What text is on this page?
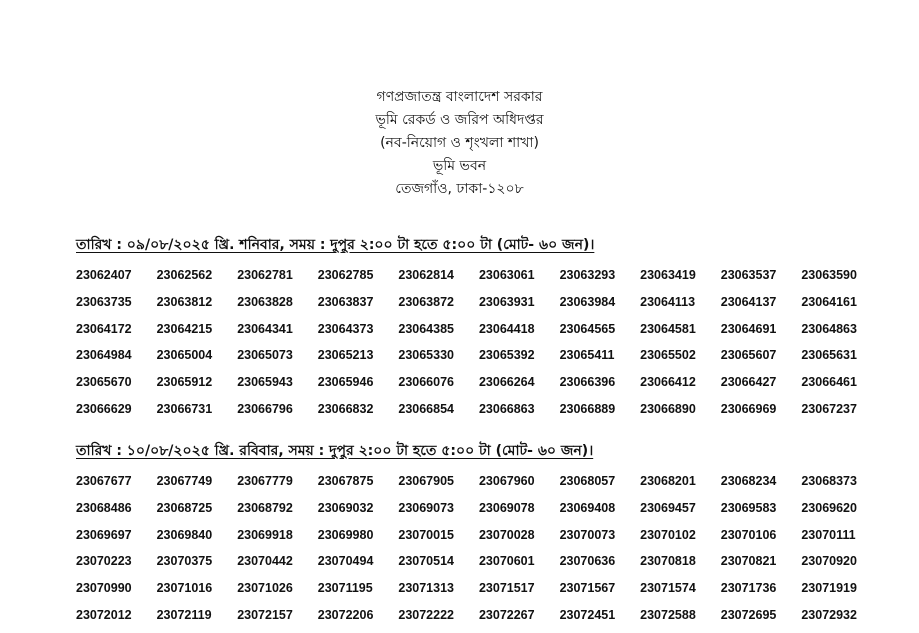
গণপ্রজাতন্ত্র বাংলাদেশ সরকার
ভূমি রেকর্ড ও জরিপ অধিদপ্তর
(নব-নিয়োগ ও শৃংখলা শাখা)
ভূমি ভবন
তেজগাঁও, ঢাকা-১২০৮
তারিখ : ০৯/০৮/২০২৫ খ্রি. শনিবার, সময় : দুপুর ২:০০ টা হতে ৫:০০ টা (মোট- ৬০ জন)।
23062407	23062562	23062781	23062785	23062814	23063061	23063293	23063419	23063537	23063590
23063735	23063812	23063828	23063837	23063872	23063931	23063984	23064113	23064137	23064161
23064172	23064215	23064341	23064373	23064385	23064418	23064565	23064581	23064691	23064863
23064984	23065004	23065073	23065213	23065330	23065392	23065411	23065502	23065607	23065631
23065670	23065912	23065943	23065946	23066076	23066264	23066396	23066412	23066427	23066461
23066629	23066731	23066796	23066832	23066854	23066863	23066889	23066890	23066969	23067237
তারিখ : ১০/০৮/২০২৫ খ্রি. রবিবার, সময় : দুপুর ২:০০ টা হতে ৫:০০ টা (মোট- ৬০ জন)।
23067677	23067749	23067779	23067875	23067905	23067960	23068057	23068201	23068234	23068373
23068486	23068725	23068792	23069032	23069073	23069078	23069408	23069457	23069583	23069620
23069697	23069840	23069918	23069980	23070015	23070028	23070073	23070102	23070106	23070111
23070223	23070375	23070442	23070494	23070514	23070601	23070636	23070818	23070821	23070920
23070990	23071016	23071026	23071195	23071313	23071517	23071567	23071574	23071736	23071919
23072012	23072119	23072157	23072206	23072222	23072267	23072451	23072588	23072695	23072932
